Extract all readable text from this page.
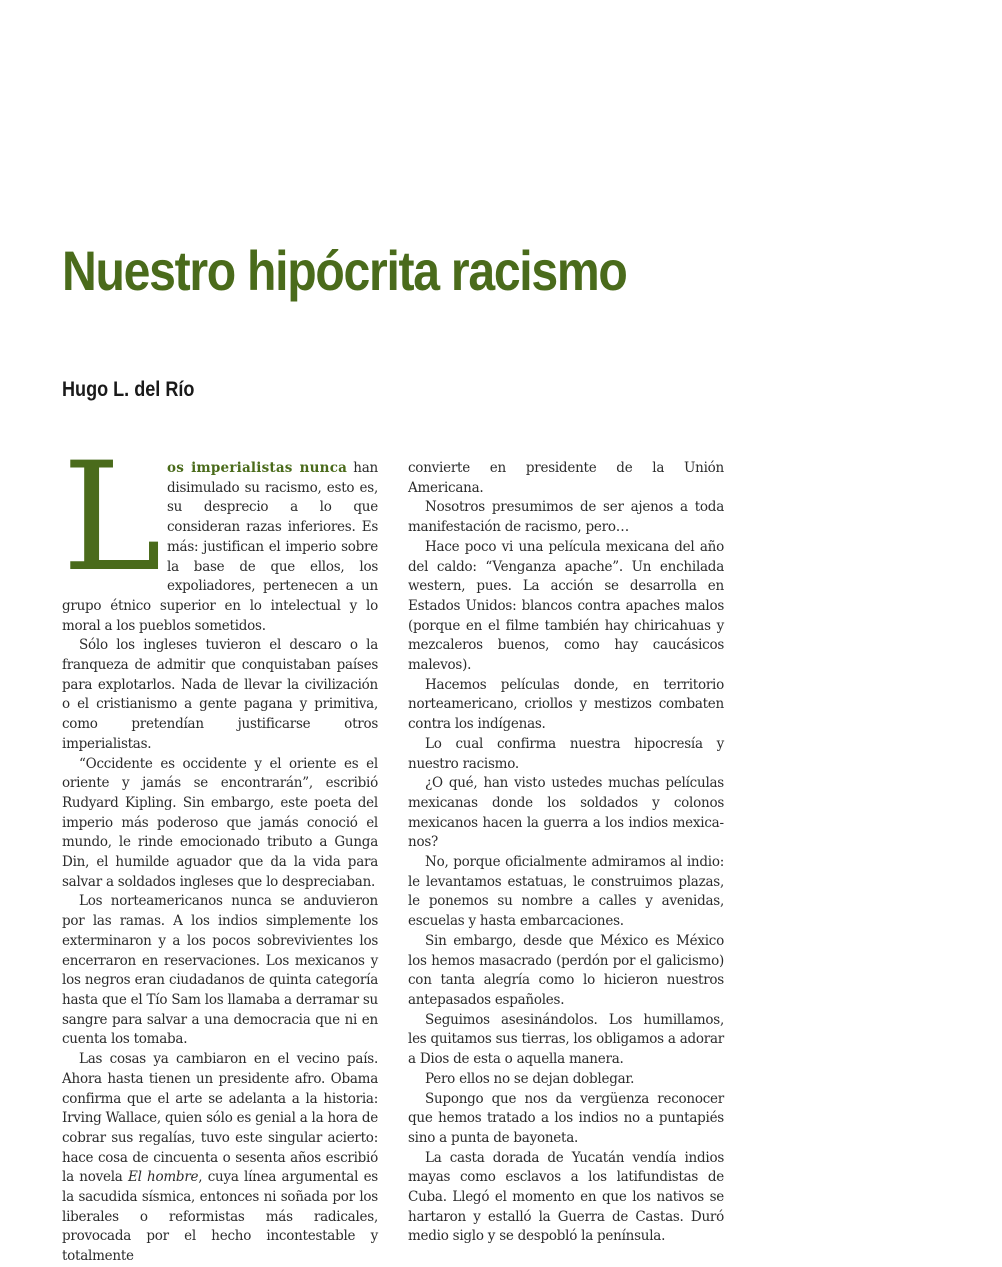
Nuestro hipócrita racismo
Hugo L. del Río

L os imperialistas nunca han disimulado su racismo, esto es, su desprecio a lo que consideran razas inferiores. Es más: justifican el imperio sobre la base de que ellos, los expoliadores, pertenecen a un grupo étnico superior en lo intelectual y lo moral a los pueblos sometidos.

Sólo los ingleses tuvieron el descaro o la franqueza de admitir que conquistaban países para explotarlos. Nada de llevar la civilización o el cristianismo a gente pagana y primitiva, como pretendían justificarse otros imperialistas.

“Occidente es occidente y el oriente es el oriente y jamás se encontrarán”, escribió Rudyard Kipling. Sin embargo, este poeta del imperio más poderoso que jamás conoció el mundo, le rinde emocionado tributo a Gunga Din, el humilde aguador que da la vida para salvar a soldados ingleses que lo despreciaban.

Los norteamericanos nunca se anduvieron por las ramas. A los indios simplemente los exterminaron y a los pocos sobrevivientes los encerraron en reservaciones. Los mexicanos y los negros eran ciudadanos de quinta categoría hasta que el Tío Sam los llamaba a derramar su sangre para salvar a una democracia que ni en cuenta los tomaba.

Las cosas ya cambiaron en el vecino país. Ahora hasta tienen un presidente afro. Obama confirma que el arte se adelanta a la historia: Irving Wallace, quien sólo es genial a la hora de cobrar sus regalías, tuvo este singular acierto: hace cosa de cincuenta o sesenta años escribió la novela El hombre, cuya línea argumental es la sacudida sísmica, entonces ni soñada por los liberales o reformistas más radicales, provocada por el hecho incontestable y totalmente

convierte en presidente de la Unión Americana.

Nosotros presumimos de ser ajenos a toda manifestación de racismo, pero…

Hace poco vi una película mexicana del año del caldo: “Venganza apache”. Un enchilada western, pues. La acción se desarrolla en Estados Unidos: blancos contra apaches malos (porque en el filme también hay chiricahuas y mezcaleros buenos, como hay caucásicos malevos).

Hacemos películas donde, en territorio norteamericano, criollos y mestizos combaten contra los indígenas.

Lo cual confirma nuestra hipocresía y nuestro racismo.

¿O qué, han visto ustedes muchas películas mexicanas donde los soldados y colonos mexicanos hacen la guerra a los indios mexicanos?

No, porque oficialmente admiramos al indio: le levantamos estatuas, le construimos plazas, le ponemos su nombre a calles y avenidas, escuelas y hasta embarcaciones.

Sin embargo, desde que México es México los hemos masacrado (perdón por el galicismo) con tanta alegría como lo hicieron nuestros antepasados españoles.

Seguimos asesinándolos. Los humillamos, les quitamos sus tierras, los obligamos a adorar a Dios de esta o aquella manera.

Pero ellos no se dejan doblegar.

Supongo que nos da vergüenza reconocer que hemos tratado a los indios no a puntapiés sino a punta de bayoneta.

La casta dorada de Yucatán vendía indios mayas como esclavos a los latifundistas de Cuba. Llegó el momento en que los nativos se hartaron y estalló la Guerra de Castas. Duró medio siglo y se despobló la península.
